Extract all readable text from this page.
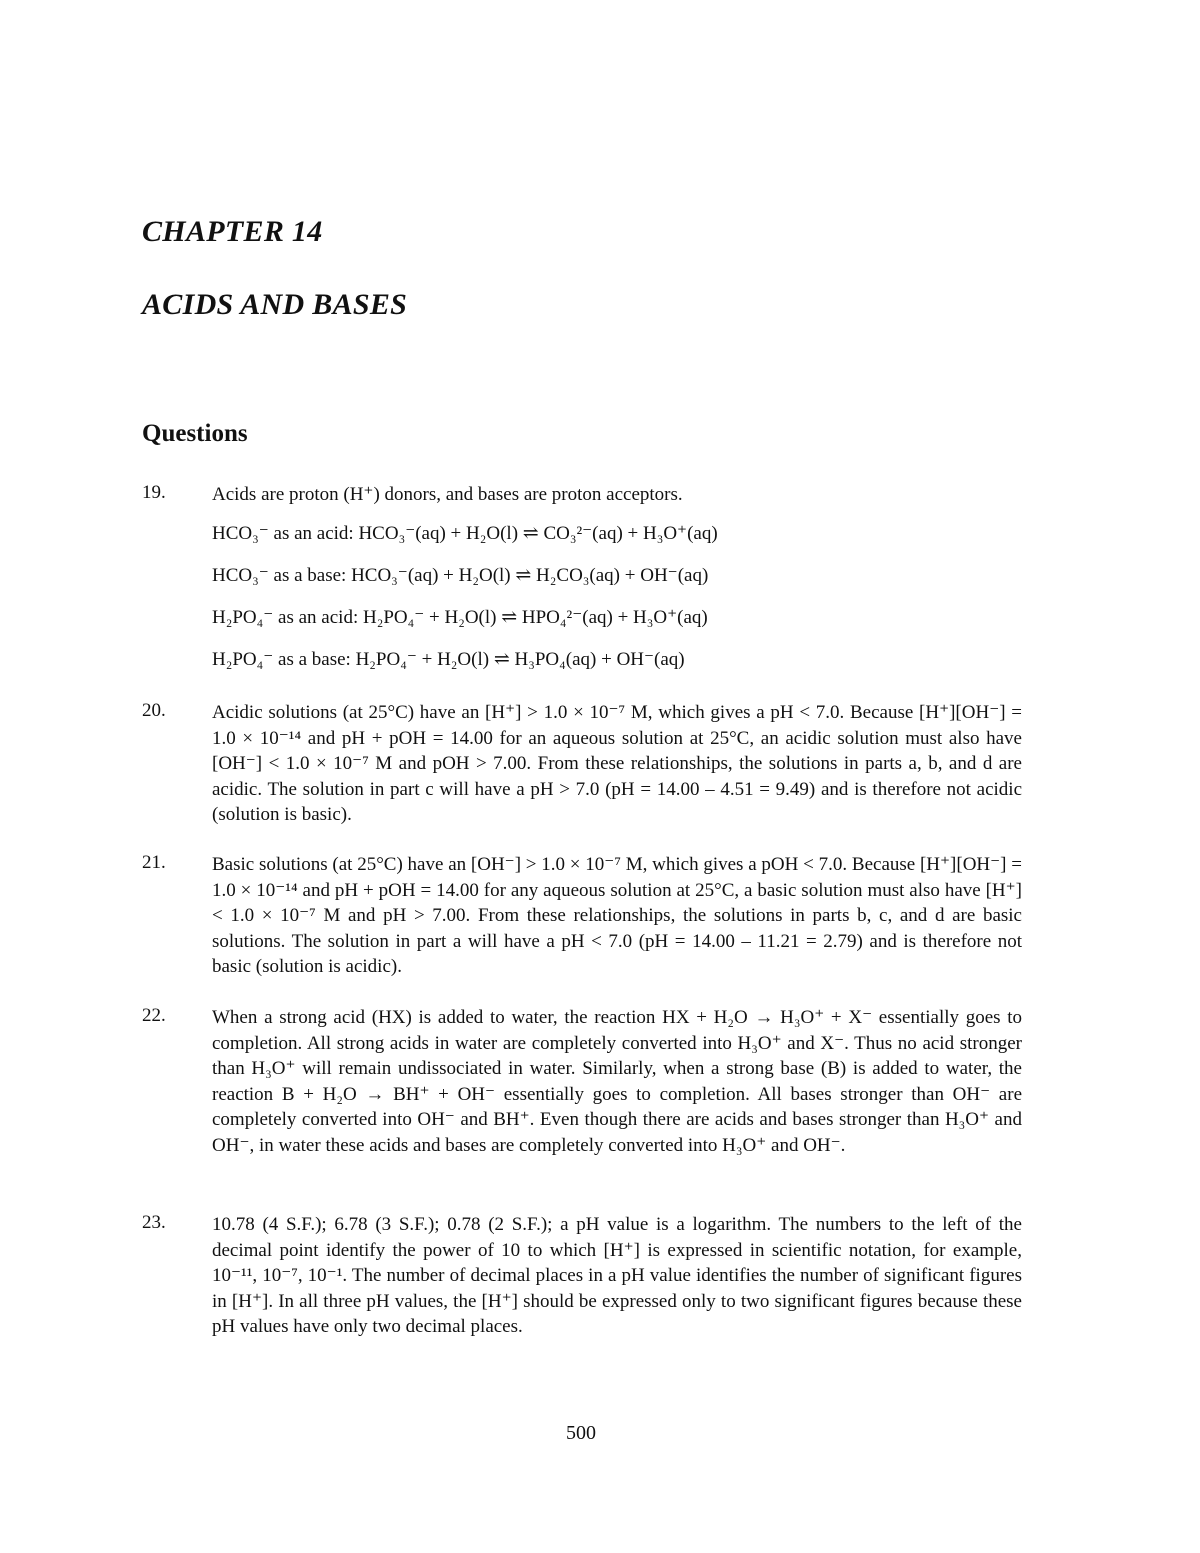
CHAPTER 14
ACIDS AND BASES
Questions
19. Acids are proton (H⁺) donors, and bases are proton acceptors.
HCO₃⁻ as an acid: HCO₃⁻(aq) + H₂O(l) ⇌ CO₃²⁻(aq) + H₃O⁺(aq)
HCO₃⁻ as a base: HCO₃⁻(aq) + H₂O(l) ⇌ H₂CO₃(aq) + OH⁻(aq)
H₂PO₄⁻ as an acid: H₂PO₄⁻ + H₂O(l) ⇌ HPO₄²⁻(aq) + H₃O⁺(aq)
H₂PO₄⁻ as a base: H₂PO₄⁻ + H₂O(l) ⇌ H₃PO₄(aq) + OH⁻(aq)
20. Acidic solutions (at 25°C) have an [H⁺] > 1.0 × 10⁻⁷ M, which gives a pH < 7.0. Because [H⁺][OH⁻] = 1.0 × 10⁻¹⁴ and pH + pOH = 14.00 for an aqueous solution at 25°C, an acidic solution must also have [OH⁻] < 1.0 × 10⁻⁷ M and pOH > 7.00. From these relationships, the solutions in parts a, b, and d are acidic. The solution in part c will have a pH > 7.0 (pH = 14.00 – 4.51 = 9.49) and is therefore not acidic (solution is basic).
21. Basic solutions (at 25°C) have an [OH⁻] > 1.0 × 10⁻⁷ M, which gives a pOH < 7.0. Because [H⁺][OH⁻] = 1.0 × 10⁻¹⁴ and pH + pOH = 14.00 for any aqueous solution at 25°C, a basic solution must also have [H⁺] < 1.0 × 10⁻⁷ M and pH > 7.00. From these relationships, the solutions in parts b, c, and d are basic solutions. The solution in part a will have a pH < 7.0 (pH = 14.00 – 11.21 = 2.79) and is therefore not basic (solution is acidic).
22. When a strong acid (HX) is added to water, the reaction HX + H₂O → H₃O⁺ + X⁻ essentially goes to completion. All strong acids in water are completely converted into H₃O⁺ and X⁻. Thus no acid stronger than H₃O⁺ will remain undissociated in water. Similarly, when a strong base (B) is added to water, the reaction B + H₂O → BH⁺ + OH⁻ essentially goes to completion. All bases stronger than OH⁻ are completely converted into OH⁻ and BH⁺. Even though there are acids and bases stronger than H₃O⁺ and OH⁻, in water these acids and bases are completely converted into H₃O⁺ and OH⁻.
23. 10.78 (4 S.F.); 6.78 (3 S.F.); 0.78 (2 S.F.); a pH value is a logarithm. The numbers to the left of the decimal point identify the power of 10 to which [H⁺] is expressed in scientific notation, for example, 10⁻¹¹, 10⁻⁷, 10⁻¹. The number of decimal places in a pH value identifies the number of significant figures in [H⁺]. In all three pH values, the [H⁺] should be expressed only to two significant figures because these pH values have only two decimal places.
500
